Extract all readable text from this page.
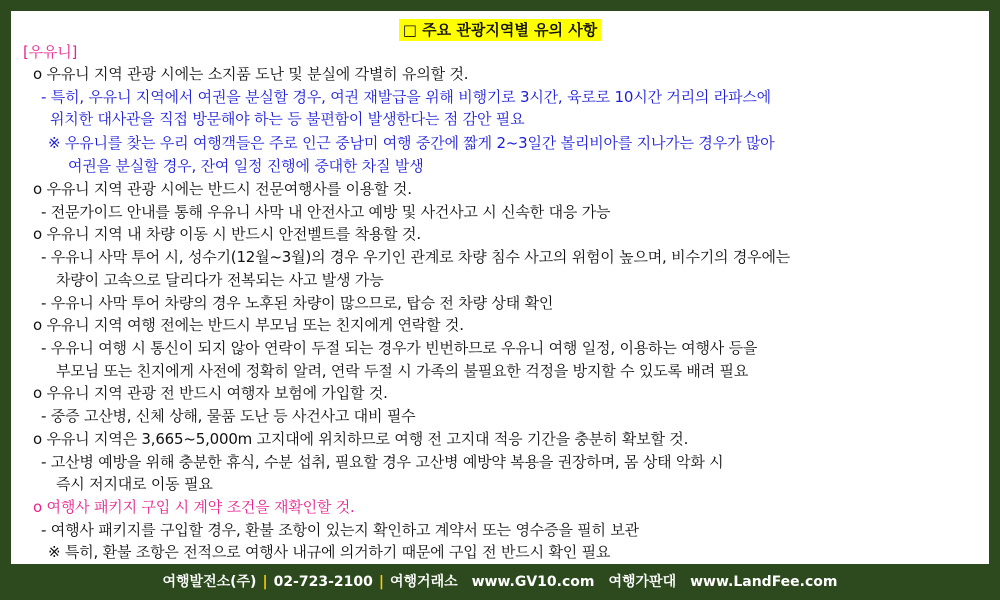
□ 주요 관광지역별 유의 사항
[우유니]
o 우유니 지역 관광 시에는 소지품 도난 및 분실에 각별히 유의할 것.
- 특히, 우유니 지역에서 여권을 분실할 경우, 여권 재발급을 위해 비행기로 3시간, 육로로 10시간 거리의 라파스에
위치한 대사관을 직접 방문해야 하는 등 불편함이 발생한다는 점 감안 필요
※ 우유니를 찾는 우리 여행객들은 주로 인근 중남미 여행 중간에 짧게 2~3일간 볼리비아를 지나가는 경우가 많아
여권을 분실할 경우, 잔여 일정 진행에 중대한 차질 발생
o 우유니 지역 관광 시에는 반드시 전문여행사를 이용할 것.
- 전문가이드 안내를 통해 우유니 사막 내 안전사고 예방 및 사건사고 시 신속한 대응 가능
o 우유니 지역 내 차량 이동 시 반드시 안전벨트를 착용할 것.
- 우유니 사막 투어 시, 성수기(12월~3월)의 경우 우기인 관계로 차량 침수 사고의 위험이 높으며, 비수기의 경우에는
차량이 고속으로 달리다가 전복되는 사고 발생 가능
- 우유니 사막 투어 차량의 경우 노후된 차량이 많으므로, 탑승 전 차량 상태 확인
o 우유니 지역 여행 전에는 반드시 부모님 또는 친지에게 연락할 것.
- 우유니 여행 시 통신이 되지 않아 연락이 두절 되는 경우가 빈번하므로 우유니 여행 일정, 이용하는 여행사 등을
부모님 또는 친지에게 사전에 정확히 알려, 연락 두절 시 가족의 불필요한 걱정을 방지할 수 있도록 배려 필요
o 우유니 지역 관광 전 반드시 여행자 보험에 가입할 것.
- 중증 고산병, 신체 상해, 물품 도난 등 사건사고 대비 필수
o 우유니 지역은 3,665~5,000m 고지대에 위치하므로 여행 전 고지대 적응 기간을 충분히 확보할 것.
- 고산병 예방을 위해 충분한 휴식, 수분 섭취, 필요할 경우 고산병 예방약 복용을 권장하며, 몸 상태 악화 시
즉시 저지대로 이동 필요
o 여행사 패키지 구입 시 계약 조건을 재확인할 것.
- 여행사 패키지를 구입할 경우, 환불 조항이 있는지 확인하고 계약서 또는 영수증을 필히 보관
※ 특히, 환불 조항은 전적으로 여행사 내규에 의거하기 때문에 구입 전 반드시 확인 필요
여행발전소(주) | 02-723-2100 | 여행거래소 www.GV10.com 여행가판대 www.LandFee.com
